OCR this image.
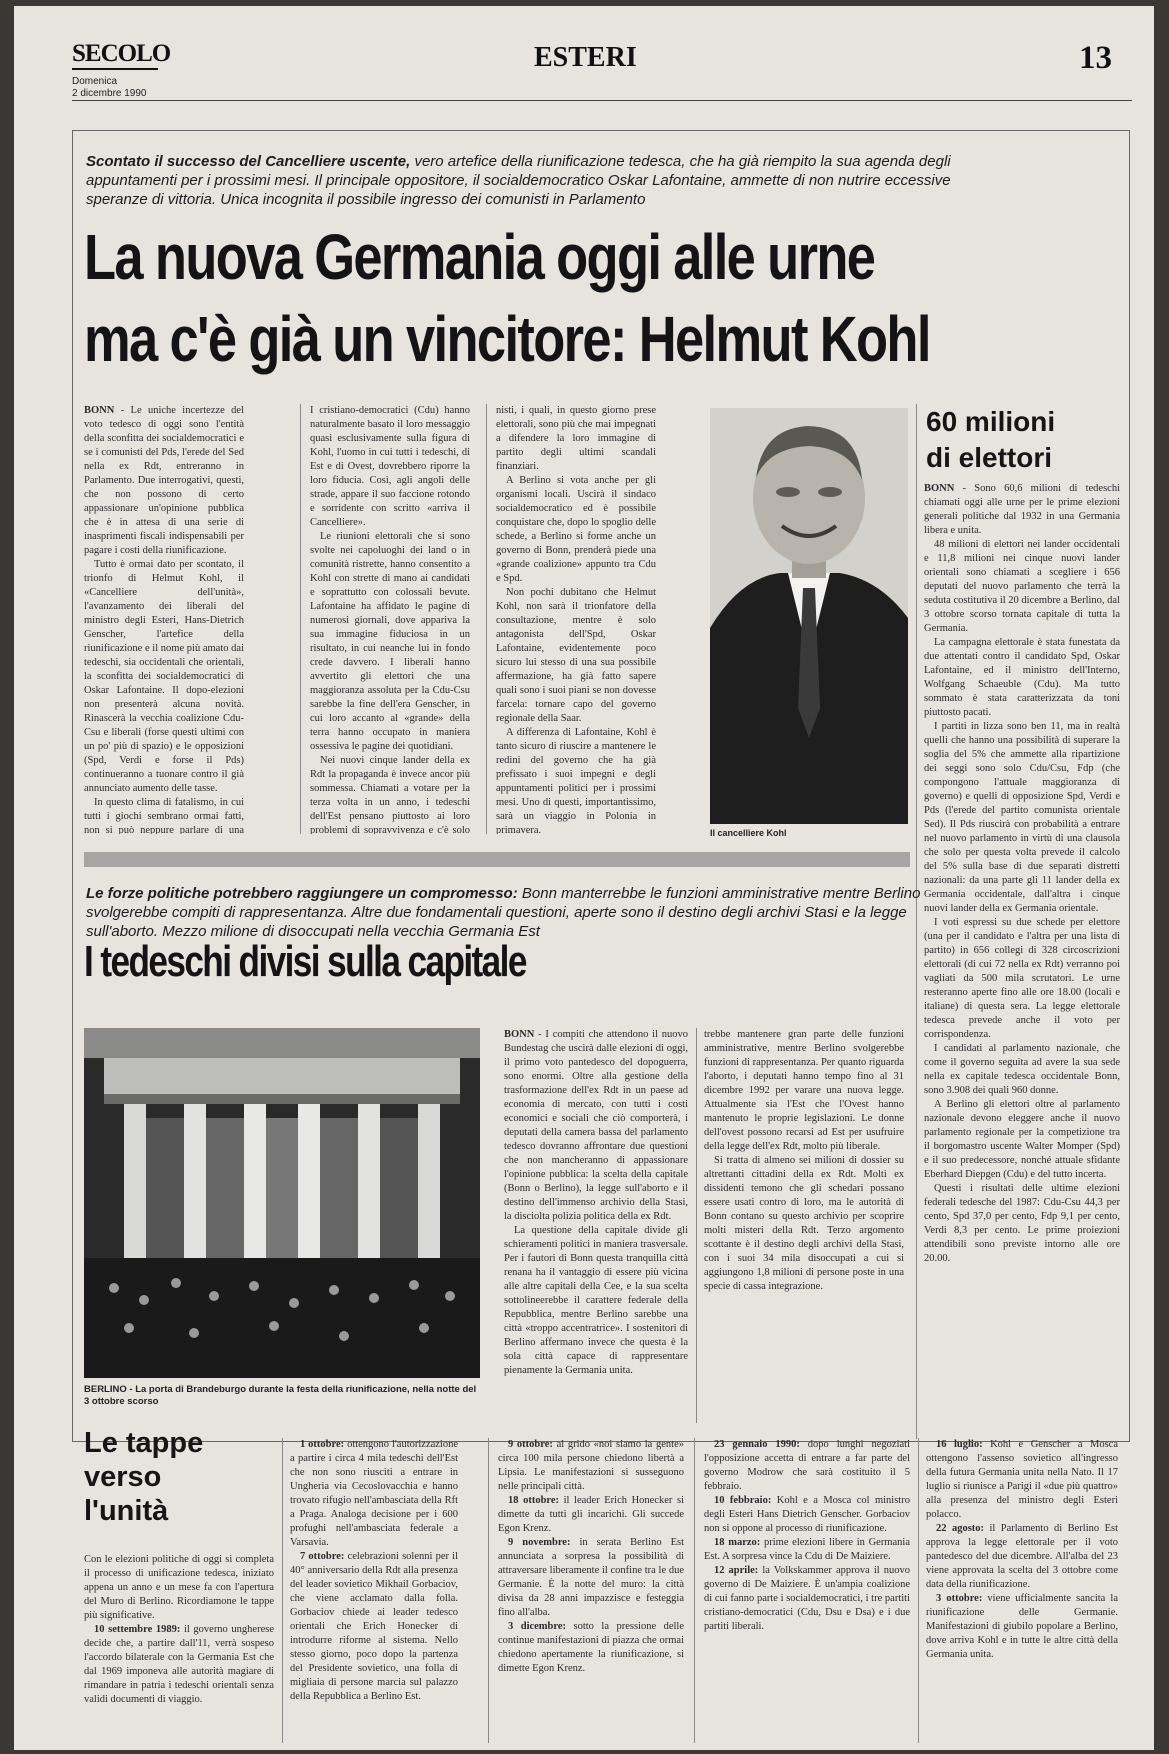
SECOLO
Domenica
2 dicembre 1990
ESTERI	13
Scontato il successo del Cancelliere uscente, vero artefice della riunificazione tedesca, che ha già riempito la sua agenda degli appuntamenti per i prossimi mesi. Il principale oppositore, il socialdemocratico Oskar Lafontaine, ammette di non nutrire eccessive speranze di vittoria. Unica incognita il possibile ingresso dei comunisti in Parlamento
La nuova Germania oggi alle urne
ma c'è già un vincitore: Helmut Kohl

BONN - Le uniche incertezze del voto tedesco di oggi sono l'entità della sconfitta dei socialdemocratici e se i comunisti del Pds, l'erede del Sed nella ex Rdt, entreranno in Parlamento. Due interrogativi, questi, che non possono di certo appassionare un'opinione pubblica che è in attesa di una serie di inasprimenti fiscali indispensabili per pagare i costi della riunificazione.

Tutto è ormai dato per scontato, il trionfo di Helmut Kohl, il «Cancelliere dell'unità», l'avanzamento dei liberali del ministro degli Esteri, Hans-Dietrich Genscher, l'artefice della riunificazione e il nome più amato dai tedeschi, sia occidentali che orientali, la sconfitta dei socialdemocratici di Oskar Lafontaine. Il dopo-elezioni non presenterà alcuna novità. Rinascerà la vecchia coalizione Cdu-Csu e liberali (forse questi ultimi con un po' più di spazio) e le opposizioni (Spd, Verdi e forse il Pds) continueranno a tuonare contro il già annunciato aumento delle tasse.

In questo clima di fatalismo, in cui tutti i giochi sembrano ormai fatti, non si può neppure parlare di una

I cristiano-democratici (Cdu) hanno naturalmente basato il loro messaggio quasi esclusivamente sulla figura di Kohl, l'uomo in cui tutti i tedeschi, di Est e di Ovest, dovrebbero riporre la loro fiducia. Così, agli angoli delle strade, appare il suo faccione rotondo e sorridente con scritto «arriva il Cancelliere».

Le riunioni elettorali che si sono svolte nei capoluoghi dei land o in comunità ristrette, hanno consentito a Kohl con strette di mano ai candidati e soprattutto con colossali bevute. Lafontaine ha affidato le pagine di numerosi giornali, dove appariva la sua immagine fiduciosa in un risultato, in cui neanche lui in fondo crede davvero. I liberali hanno avvertito gli elettori che una maggioranza assoluta per la Cdu-Csu sarebbe la fine dell'era Genscher, in cui loro accanto al «grande» della terra hanno occupato in maniera ossessiva le pagine dei quotidiani.

Nei nuovi cinque lander della ex Rdt la propaganda è invece ancor più sommessa. Chiamati a votare per la terza volta in un anno, i tedeschi dell'Est pensano piuttosto ai loro problemi di sopravvivenza e c'è solo

nisti, i quali, in questo giorno prese elettorali, sono più che mai impegnati a difendere la loro immagine di partito degli ultimi scandali finanziari.

A Berlino si vota anche per gli organismi locali. Uscirà il sindaco socialdemocratico ed è possibile conquistare che, dopo lo spoglio delle schede, a Berlino si forme anche un governo di Bonn, prenderà piede una «grande coalizione» appunto tra Cdu e Spd.

Non pochi dubitano che Helmut Kohl, non sarà il trionfatore della consultazione, mentre è solo antagonista dell'Spd, Oskar Lafontaine, evidentemente poco sicuro lui stesso di una sua possibile affermazione, ha già fatto sapere quali sono i suoi piani se non dovesse farcela: tornare capo del governo regionale della Saar.

A differenza di Lafontaine, Kohl è tanto sicuro di riuscire a mantenere le redini del governo che ha già prefissato i suoi impegni e degli appuntamenti politici per i prossimi mesi. Uno di questi, importantissimo, sarà un viaggio in Polonia in primavera.	Il cancelliere Kohl
60 milioni
di elettori

BONN - Sono 60,6 milioni di tedeschi chiamati oggi alle urne per le prime elezioni generali politiche dal 1932 in una Germania libera e unita.

48 milioni di elettori nei lander occidentali e 11,8 milioni nei cinque nuovi lander orientali sono chiamati a scegliere i 656 deputati del nuovo parlamento che terrà la seduta costitutiva il 20 dicembre a Berlino, dal 3 ottobre scorso tornata capitale di tutta la Germania.

La campagna elettorale è stata funestata da due attentati contro il candidato Spd, Oskar Lafontaine, ed il ministro dell'Interno, Wolfgang Schaeuble (Cdu). Ma tutto sommato è stata caratterizzata da toni piuttosto pacati.

I partiti in lizza sono ben 11, ma in realtà quelli che hanno una possibilità di superare la soglia del 5% che ammette alla ripartizione dei seggi sono solo Cdu/Csu, Fdp (che compongono l'attuale maggioranza di governo) e quelli di opposizione Spd, Verdi e Pds (l'erede del partito comunista orientale Sed). Il Pds riuscirà con probabilità a entrare nel nuovo parlamento in virtù di una clausola che solo per questa volta prevede il calcolo del 5% sulla base di due separati distretti nazionali: da una parte gli 11 lander della ex Germania occidentale, dall'altra i cinque nuovi lander della ex Germania orientale.

I voti espressi su due schede per elettore (una per il candidato e l'altra per una lista di partito) in 656 collegi di 328 circoscrizioni elettorali (di cui 72 nella ex Rdt) verranno poi vagliati da 500 mila scrutatori. Le urne resteranno aperte fino alle ore 18.00 (locali e italiane) di questa sera. La legge elettorale tedesca prevede anche il voto per corrispondenza.

I candidati al parlamento nazionale, che come il governo seguita ad avere la sua sede nella ex capitale tedesca occidentale Bonn, sono 3.908 dei quali 960 donne.

A Berlino gli elettori oltre al parlamento nazionale devono eleggere anche il nuovo parlamento regionale per la competizione tra il borgomastro uscente Walter Momper (Spd) e il suo predecessore, nonché attuale sfidante Eberhard Diepgen (Cdu) e del tutto incerta.

Questi i risultati delle ultime elezioni federali tedesche del 1987: Cdu-Csu 44,3 per cento, Spd 37,0 per cento, Fdp 9,1 per cento, Verdi 8,3 per cento. Le prime proiezioni attendibili sono previste intorno alle ore 20.00.

Le forze politiche potrebbero raggiungere un compromesso: Bonn manterrebbe le funzioni amministrative mentre Berlino svolgerebbe compiti di rappresentanza. Altre due fondamentali questioni, aperte sono il destino degli archivi Stasi e la legge sull'aborto. Mezzo milione di disoccupati nella vecchia Germania Est
I tedeschi divisi sulla capitale
BERLINO - La porta di Brandeburgo durante la festa della riunificazione, nella notte del 3 ottobre scorso

BONN - I compiti che attendono il nuovo Bundestag che uscirà dalle elezioni di oggi, il primo voto pantedesco del dopoguerra, sono enormi. Oltre alla gestione della trasformazione dell'ex Rdt in un paese ad economia di mercato, con tutti i costi economici e sociali che ciò comporterà, i deputati della camera bassa del parlamento tedesco dovranno affrontare due questioni che non mancheranno di appassionare l'opinione pubblica: la scelta della capitale (Bonn o Berlino), la legge sull'aborto e il destino dell'immenso archivio della Stasi, la disciolta polizia politica della ex Rdt.

La questione della capitale divide gli schieramenti politici in maniera trasversale. Per i fautori di Bonn questa tranquilla città renana ha il vantaggio di essere più vicina alle altre capitali della Cee, e la sua scelta sottolineerebbe il carattere federale della Repubblica, mentre Berlino sarebbe una città «troppo accentratrice». I sostenitori di Berlino affermano invece che questa è la sola città capace di rappresentare pienamente la Germania unita.

trebbe mantenere gran parte delle funzioni amministrative, mentre Berlino svolgerebbe funzioni di rappresentanza. Per quanto riguarda l'aborto, i deputati hanno tempo fino al 31 dicembre 1992 per varare una nuova legge. Attualmente sia l'Est che l'Ovest hanno mantenuto le proprie legislazioni. Le donne dell'ovest possono recarsi ad Est per usufruire della legge dell'ex Rdt, molto più liberale.

Si tratta di almeno sei milioni di dossier su altrettanti cittadini della ex Rdt. Molti ex dissidenti temono che gli schedari possano essere usati contro di loro, ma le autorità di Bonn contano su questo archivio per scoprire molti misteri della Rdt. Terzo argomento scottante è il destino degli archivi della Stasi, con i suoi 34 mila disoccupati a cui si aggiungono 1,8 milioni di persone poste in una specie di cassa integrazione.

Le tappe
verso
l'unità

Con le elezioni politiche di oggi si completa il processo di unificazione tedesca, iniziato appena un anno e un mese fa con l'apertura del Muro di Berlino. Ricordiamone le tappe più significative.

10 settembre 1989: il governo ungherese decide che, a partire dall'11, verrà sospeso l'accordo bilaterale con la Germania Est che dal 1969 imponeva alle autorità magiare di rimandare in patria i tedeschi orientali senza validi documenti di viaggio.

1 ottobre: ottengono l'autorizzazione a partire i circa 4 mila tedeschi dell'Est che non sono riusciti a entrare in Ungheria via Cecoslovacchia e hanno trovato rifugio nell'ambasciata della Rft a Praga. Analoga decisione per i 600 profughi nell'ambasciata federale a Varsavia.

7 ottobre: celebrazioni solenni per il 40° anniversario della Rdt alla presenza del leader sovietico Mikhail Gorbaciov, che viene acclamato dalla folla. Gorbaciov chiede ai leader tedesco orientali che Erich Honecker di introdurre riforme al sistema. Nello stesso giorno, poco dopo la partenza del Presidente sovietico, una folla di migliaia di persone marcia sul palazzo della Repubblica a Berlino Est.

9 ottobre: al grido «noi siamo la gente» circa 100 mila persone chiedono libertà a Lipsia. Le manifestazioni si susseguono nelle principali città.

18 ottobre: il leader Erich Honecker si dimette da tutti gli incarichi. Gli succede Egon Krenz.

9 novembre: in serata Berlino Est annunciata a sorpresa la possibilità di attraversare liberamente il confine tra le due Germanie. È la notte del muro: la città divisa da 28 anni impazzisce e festeggia fino all'alba.

3 dicembre: sotto la pressione delle continue manifestazioni di piazza che ormai chiedono apertamente la riunificazione, si dimette Egon Krenz.

23 gennaio 1990: dopo lunghi negoziati l'opposizione accetta di entrare a far parte del governo Modrow che sarà costituito il 5 febbraio.

10 febbraio: Kohl e a Mosca col ministro degli Esteri Hans Dietrich Genscher. Gorbaciov non si oppone al processo di riunificazione.

18 marzo: prime elezioni libere in Germania Est. A sorpresa vince la Cdu di De Maiziere.

12 aprile: la Volkskammer approva il nuovo governo di De Maiziere. È un'ampia coalizione di cui fanno parte i socialdemocratici, i tre partiti cristiano-democratici (Cdu, Dsu e Dsa) e i due partiti liberali.

16 luglio: Kohl e Genscher a Mosca ottengono l'assenso sovietico all'ingresso della futura Germania unita nella Nato. Il 17 luglio si riunisce a Parigi il «due più quattro» alla presenza del ministro degli Esteri polacco.

22 agosto: il Parlamento di Berlino Est approva la legge elettorale per il voto pantedesco del due dicembre. All'alba del 23 viene approvata la scelta del 3 ottobre come data della riunificazione.

3 ottobre: viene ufficialmente sancita la riunificazione delle Germanie. Manifestazioni di giubilo popolare a Berlino, dove arriva Kohl e in tutte le altre città della Germania unita.
